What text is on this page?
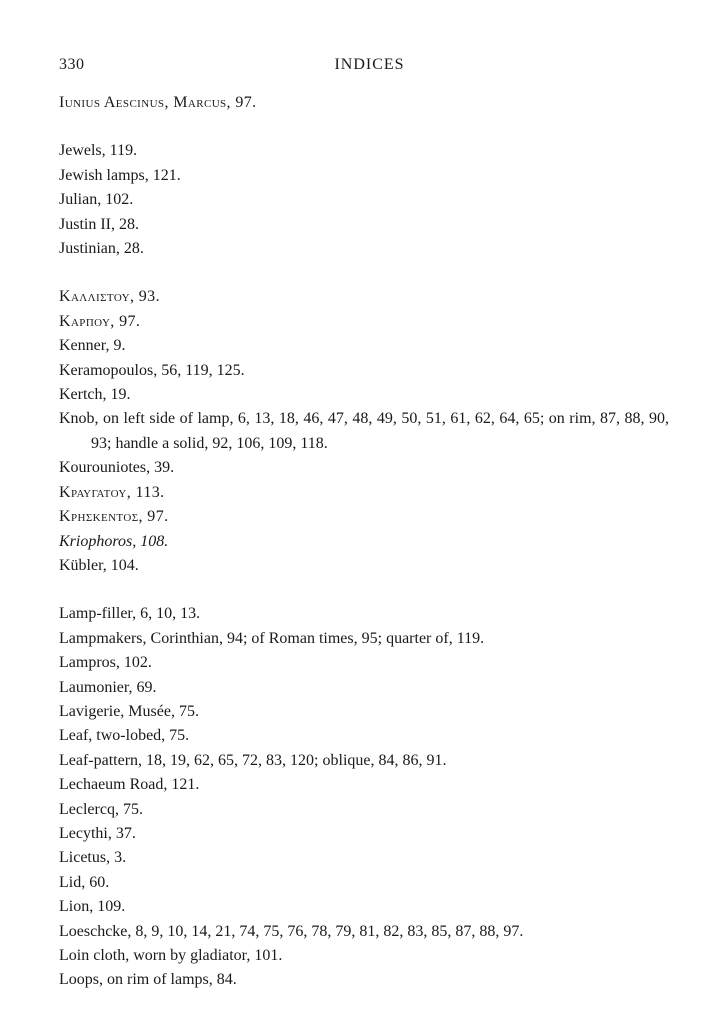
330	INDICES
Iunius Aescinus, Marcus, 97.
Jewels, 119.
Jewish lamps, 121.
Julian, 102.
Justin II, 28.
Justinian, 28.
Καλλιστου, 93.
Καρπου, 97.
Kenner, 9.
Keramopoulos, 56, 119, 125.
Kertch, 19.
Knob, on left side of lamp, 6, 13, 18, 46, 47, 48, 49, 50, 51, 61, 62, 64, 65; on rim, 87, 88, 90, 93; handle a solid, 92, 106, 109, 118.
Kourouniotes, 39.
Κραυγατου, 113.
Κρησκεντος, 97.
Kriophoros, 108.
Kübler, 104.
Lamp-filler, 6, 10, 13.
Lampmakers, Corinthian, 94; of Roman times, 95; quarter of, 119.
Lampros, 102.
Laumonier, 69.
Lavigerie, Musée, 75.
Leaf, two-lobed, 75.
Leaf-pattern, 18, 19, 62, 65, 72, 83, 120; oblique, 84, 86, 91.
Lechaeum Road, 121.
Leclercq, 75.
Lecythi, 37.
Licetus, 3.
Lid, 60.
Lion, 109.
Loeschcke, 8, 9, 10, 14, 21, 74, 75, 76, 78, 79, 81, 82, 83, 85, 87, 88, 97.
Loin cloth, worn by gladiator, 101.
Loops, on rim of lamps, 84.
